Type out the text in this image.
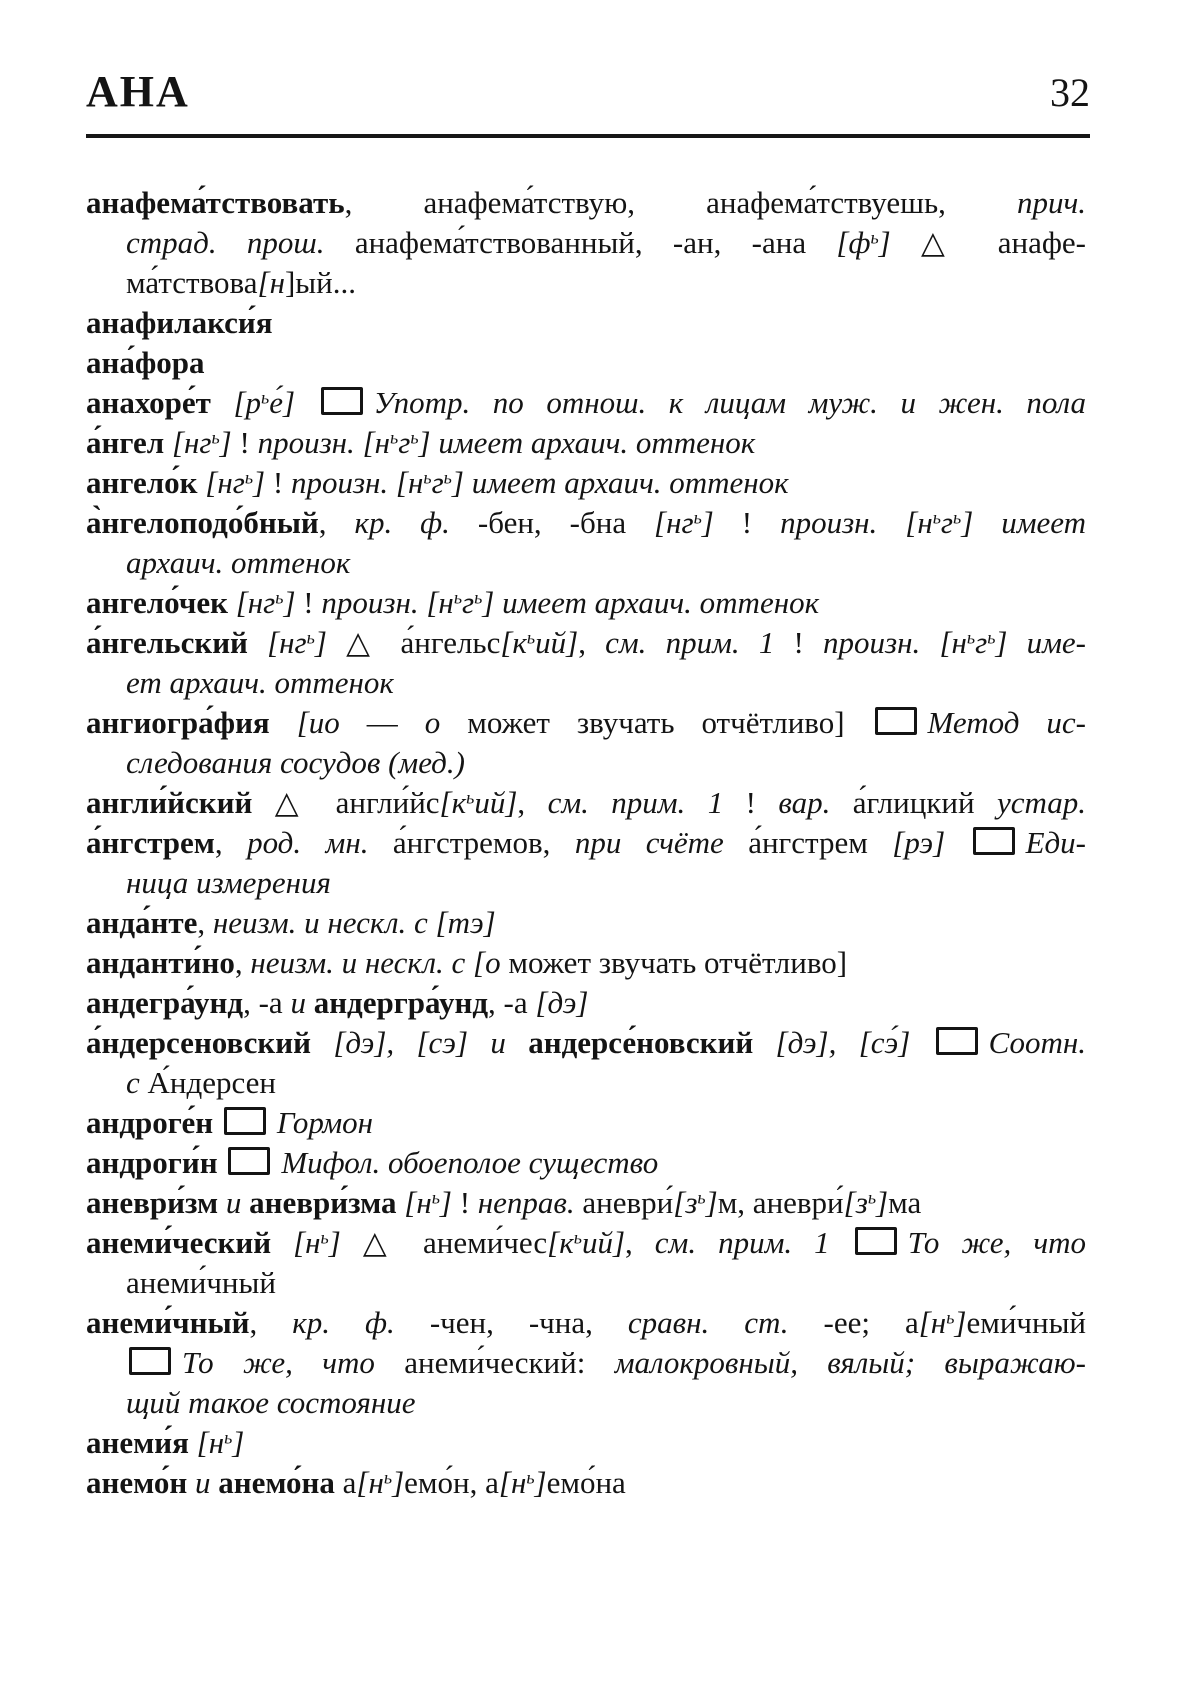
АНА	32
анафема́тствовать, анафема́тствую, анафема́тствуешь, прич.
страд. прош. анафема́тствованный, -ан, -ана $[ф^ь]$ △ анафе-
ма́тствова[н]ый...
анафилакси́я
ана́фора
анахоре́т $[р^ье́]$ Употр. по отнош. к лицам муж. и жен. пола
а́нгел $[нг^ь]$ ! произн. $[н^ьг^ь]$ имеет архаич. оттенок
ангело́к $[нг^ь]$ ! произн. $[н^ьг^ь]$ имеет архаич. оттенок
а̀нгелоподо́бный, кр. ф. -бен, -бна $[нг^ь]$ ! произн. $[н^ьг^ь]$ имеет
архаич. оттенок
ангело́чек $[нг^ь]$ ! произн. $[н^ьг^ь]$ имеет архаич. оттенок
а́нгельский $[нг^ь]$ △ $а́нгельс[к^ьий]$, см. прим. 1 ! произн. $[н^ьг^ь]$ име-
ет архаич. оттенок
ангиогра́фия [ио — о может звучать отчётливо] Метод ис-
следования сосудов (мед.)
англи́йский △ $англи́йс[к^ьий]$, см. прим. 1 ! вар. а́глицкий устар.
а́нгстрем, род. мн. а́нгстремов, при счёте а́нгстрем [рэ] Еди-
ница измерения
анда́нте, неизм. и нескл. с [тэ]
анданти́но, неизм. и нескл. с [о может звучать отчётливо]
андегра́унд, -а и андергра́унд, -а [дэ]
а́ндерсеновский [дэ], [сэ] и андерсе́новский [дэ], [сэ́] Соотн.
с А́ндерсен
андроге́н Гормон
андроги́н Мифол. обоеполое существо
аневри́зм и аневри́зма $[н^ь]$ ! неправ. $аневри́[з^ь]м$, $аневри́[з^ь]ма$
анеми́ческий $[н^ь]$ △ $анеми́чес[к^ьий]$, см. прим. 1 То же, что
анеми́чный
анеми́чный, кр. ф. -чен, -чна, сравн. ст. -ее; $а[н^ь]еми́чный$
То же, что анеми́ческий: малокровный, вялый; выражаю-
щий такое состояние
анеми́я $[н^ь]$
анемо́н и анемо́на $а[н^ь]емо́н$, $а[н^ь]емо́на$
